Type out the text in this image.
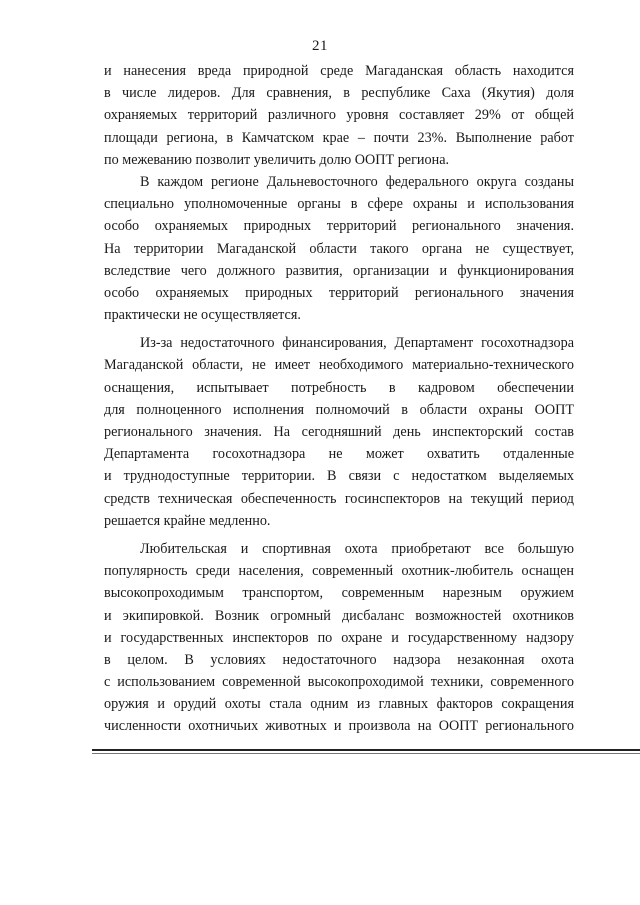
21
и нанесения вреда природной среде Магаданская область находится
в числе лидеров. Для сравнения, в республике Саха (Якутия) доля
охраняемых территорий различного уровня составляет 29% от общей
площади региона, в Камчатском крае – почти 23%. Выполнение работ
по межеванию позволит увеличить долю ООПТ региона.
В каждом регионе Дальневосточного федерального округа созданы
специально уполномоченные органы в сфере охраны и использования
особо охраняемых природных территорий регионального значения.
На территории Магаданской области такого органа не существует,
вследствие чего должного развития, организации и функционирования
особо охраняемых природных территорий регионального значения
практически не осуществляется.
Из-за недостаточного финансирования, Департамент госохотнадзора
Магаданской области, не имеет необходимого материально-технического
оснащения, испытывает потребность в кадровом обеспечении
для полноценного исполнения полномочий в области охраны ООПТ
регионального значения. На сегодняшний день инспекторский состав
Департамента госохотнадзора не может охватить отдаленные
и труднодоступные территории. В связи с недостатком выделяемых
средств техническая обеспеченность госинспекторов на текущий период
решается крайне медленно.
Любительская и спортивная охота приобретают все большую
популярность среди населения, современный охотник-любитель оснащен
высокопроходимым транспортом, современным нарезным оружием
и экипировкой. Возник огромный дисбаланс возможностей охотников
и государственных инспекторов по охране и государственному надзору
в целом. В условиях недостаточного надзора незаконная охота
с использованием современной высокопроходимой техники, современного
оружия и орудий охоты стала одним из главных факторов сокращения
численности охотничьих животных и произвола на ООПТ регионального
